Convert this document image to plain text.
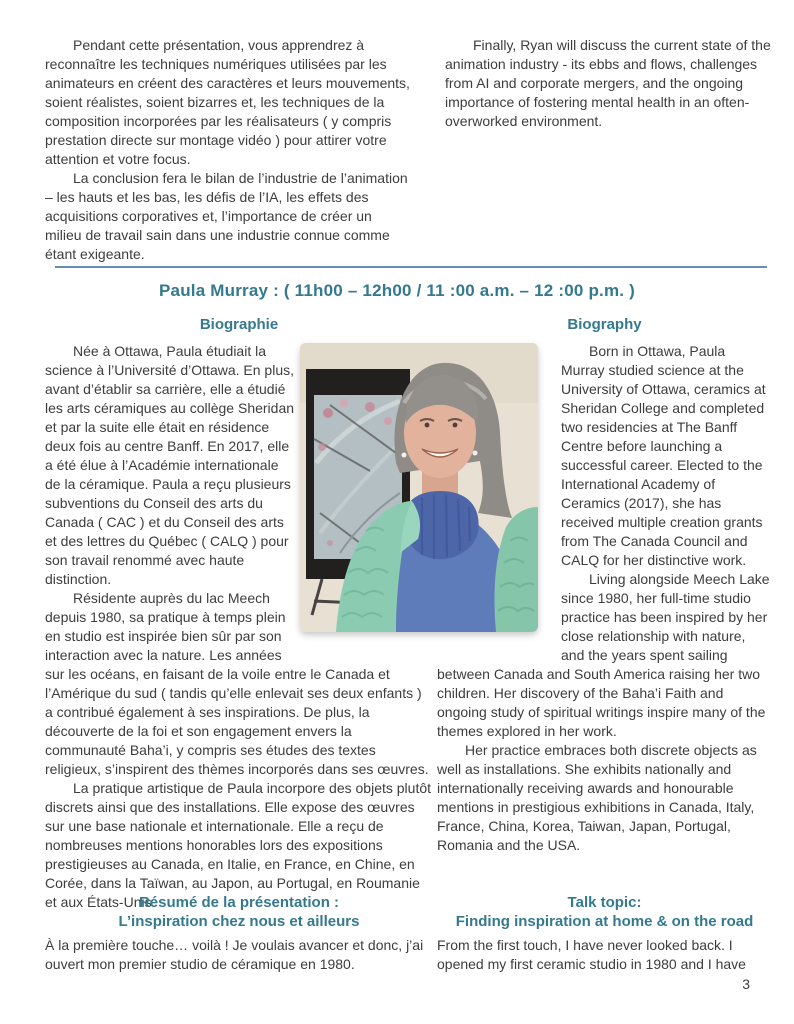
Pendant cette présentation, vous apprendrez à reconnaître les techniques numériques utilisées par les animateurs en créent des caractères et leurs mouvements, soient réalistes, soient bizarres et, les techniques de la composition incorporées par les réalisateurs ( y compris prestation directe sur montage vidéo ) pour attirer votre attention et votre focus.

La conclusion fera le bilan de l’industrie de l’animation – les hauts et les bas, les défis de l’IA, les effets des acquisitions corporatives et, l’importance de créer un milieu de travail sain dans une industrie connue comme étant exigeante.

Finally, Ryan will discuss the current state of the animation industry - its ebbs and flows, challenges from AI and corporate mergers, and the ongoing importance of fostering mental health in an often-overworked environment.

Paula Murray : ( 11h00 – 12h00 / 11 :00 a.m. – 12 :00 p.m. )
Biographie	Biography

Née à Ottawa, Paula étudiait la science à l’Université d’Ottawa. En plus, avant d’établir sa carrière, elle a étudié les arts céramiques au collège Sheridan et par la suite elle était en résidence deux fois au centre Banff. En 2017, elle a été élue à l’Académie internationale de la céramique. Paula a reçu plusieurs subventions du Conseil des arts du Canada ( CAC ) et du Conseil des arts et des lettres du Québec ( CALQ ) pour son travail renommé avec haute distinction.

Résidente auprès du lac Meech depuis 1980, sa pratique à temps plein en studio est inspirée bien sûr par son interaction avec la nature. Les années sur les océans, en faisant de la voile entre le Canada et l’Amérique du sud ( tandis qu’elle enlevait ses deux enfants ) a contribué également à ses inspirations. De plus, la découverte de la foi et son engagement envers la communauté Baha’i, y compris ses études des textes religieux, s’inspirent des thèmes incorporés dans ses œuvres.

La pratique artistique de Paula incorpore des objets plutôt discrets ainsi que des installations. Elle expose des œuvres sur une base nationale et internationale. Elle a reçu de nombreuses mentions honorables lors des expositions prestigieuses au Canada, en Italie, en France, en Chine, en Corée, dans la Taïwan, au Japon, au Portugal, en Roumanie et aux États-Unis.

Born in Ottawa, Paula Murray studied science at the University of Ottawa, ceramics at Sheridan College and completed two residencies at The Banff Centre before launching a successful career. Elected to the International Academy of Ceramics (2017), she has received multiple creation grants from The Canada Council and CALQ for her distinctive work.

Living alongside Meech Lake since 1980, her full-time studio practice has been inspired by her close relationship with nature, and the years spent sailing between Canada and South America raising her two children. Her discovery of the Baha’i Faith and ongoing study of spiritual writings inspire many of the themes explored in her work.

Her practice embraces both discrete objects as well as installations. She exhibits nationally and internationally receiving awards and honourable mentions in prestigious exhibitions in Canada, Italy, France, China, Korea, Taiwan, Japan, Portugal, Romania and the USA.

Résumé de la présentation :
L’inspiration chez nous et ailleurs

À la première touche… voilà ! Je voulais avancer et donc, j’ai ouvert mon premier studio de céramique en 1980.

Talk topic:
Finding inspiration at home & on the road

From the first touch, I have never looked back. I opened my first ceramic studio in 1980 and I have

3
